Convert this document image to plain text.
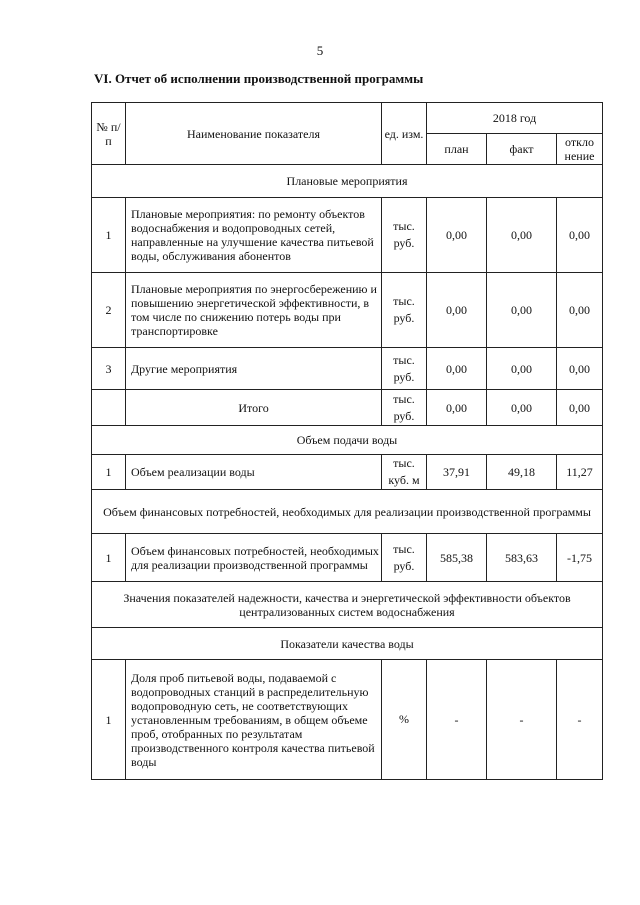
5
VI. Отчет об исполнении производственной программы
№ п/п	Наименование показателя	ед. изм.	2018 год		
			план	факт	откло нение
Плановые мероприятия					
1	Плановые мероприятия: по ремонту объектов водоснабжения и водопроводных сетей, направленные на улучшение качества питьевой воды, обслуживания абонентов	тыс. руб.	0,00	0,00	0,00
2	Плановые мероприятия по энергосбережению и повышению энергетической эффективности, в том числе по снижению потерь воды при транспортировке	тыс. руб.	0,00	0,00	0,00
3	Другие мероприятия	тыс. руб.	0,00	0,00	0,00
	Итого	тыс. руб.	0,00	0,00	0,00
Объем подачи воды					
1	Объем реализации воды	тыс. куб. м	37,91	49,18	11,27
Объем финансовых потребностей, необходимых для реализации производственной программы					
1	Объем финансовых потребностей, необходимых для реализации производственной программы	тыс. руб.	585,38	583,63	-1,75
Значения показателей надежности, качества и энергетической эффективности объектов централизованных систем водоснабжения					
Показатели качества воды					
1	Доля проб питьевой воды, подаваемой с водопроводных станций в распределительную водопроводную сеть, не соответствующих установленным требованиям, в общем объеме проб, отобранных по результатам производственного контроля качества питьевой воды	%	-	-	-
